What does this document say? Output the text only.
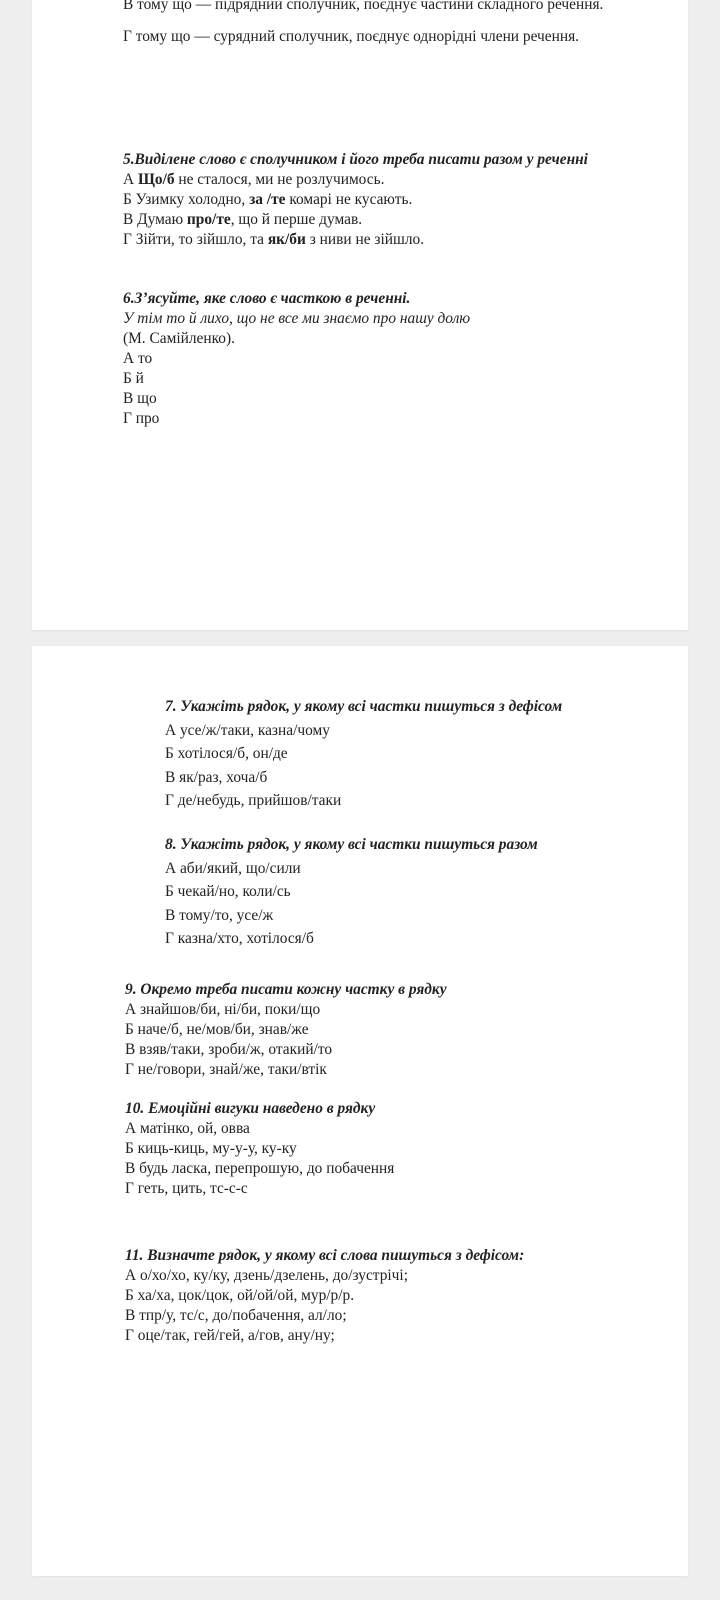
В тому що — підрядний сполучник, поєднує частини складного речення.
Г тому що — сурядний сполучник, поєднує однорідні члени речення.
5.Виділене слово є сполучником і його треба писати разом у реченні
А Що/б не сталося, ми не розлучимось.
Б Узимку холодно, за /те комарі не кусають.
В Думаю про/те, що й перше думав.
Г Зійти, то зійшло, та як/би з ниви не зійшло.
6.З’ясуйте, яке слово є часткою в реченні.
У тім то й лихо, що не все ми знаємо про нашу долю
(М. Самійленко).
А то
Б й
В що
Г про
7. Укажіть рядок, у якому всі частки пишуться з дефісом
А усе/ж/таки, казна/чому
Б хотілося/б, он/де
В як/раз, хоча/б
Г де/небудь, прийшов/таки
8. Укажіть рядок, у якому всі частки пишуться разом
А аби/який, що/сили
Б чекай/но, коли/сь
В тому/то, усе/ж
Г казна/хто, хотілося/б
9. Окремо треба писати кожну частку в рядку
А знайшов/би, ні/би, поки/що
Б наче/б, не/мов/би, знав/же
В взяв/таки, зроби/ж, отакий/то
Г не/говори, знай/же, таки/втік
10. Емоційні вигуки наведено в рядку
А матінко, ой, овва
Б киць-киць, му-у-у, ку-ку
В будь ласка, перепрошую, до побачення
Г геть, цить, тс-с-с
11. Визначте рядок, у якому всі слова пишуться з дефісом:
А о/хо/хо, ку/ку, дзень/дзелень, до/зустрічі;
Б ха/ха, цок/цок, ой/ой/ой, мур/р/р.
В тпр/у, тс/с, до/побачення, ал/ло;
Г оце/так, гей/гей, а/гов, ану/ну;
